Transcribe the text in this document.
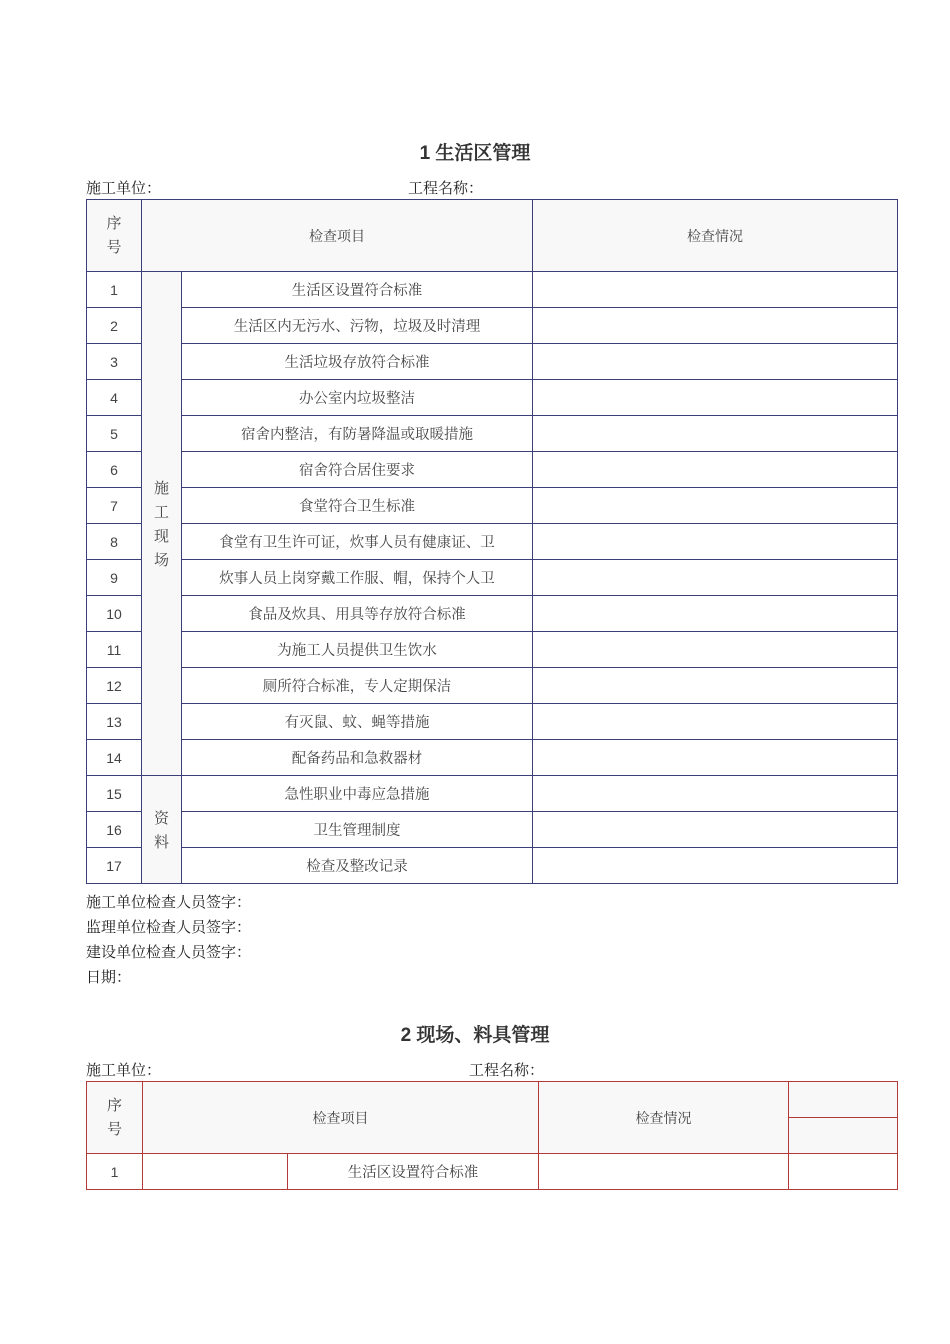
1 生活区管理
施工单位：	工程名称：
序号	检查项目		检查情况
1	施工现场	生活区设置符合标准	
2		生活区内无污水、污物，垃圾及时清理	
3		生活垃圾存放符合标准	
4		办公室内垃圾整洁	
5		宿舍内整洁，有防暑降温或取暖措施	
6		宿舍符合居住要求	
7		食堂符合卫生标准	
8		食堂有卫生许可证，炊事人员有健康证、卫	
9		炊事人员上岗穿戴工作服、帽，保持个人卫	
10		食品及炊具、用具等存放符合标准	
11		为施工人员提供卫生饮水	
12		厕所符合标准，专人定期保洁	
13		有灭鼠、蚊、蝇等措施	
14		配备药品和急救器材	
15	资料	急性职业中毒应急措施	
16		卫生管理制度	
17		检查及整改记录	
施工单位检查人员签字：
监理单位检查人员签字：
建设单位检查人员签字：
日期：
2 现场、料具管理
施工单位：	工程名称：
序号	检查项目		检查情况	

1		生活区设置符合标准		
